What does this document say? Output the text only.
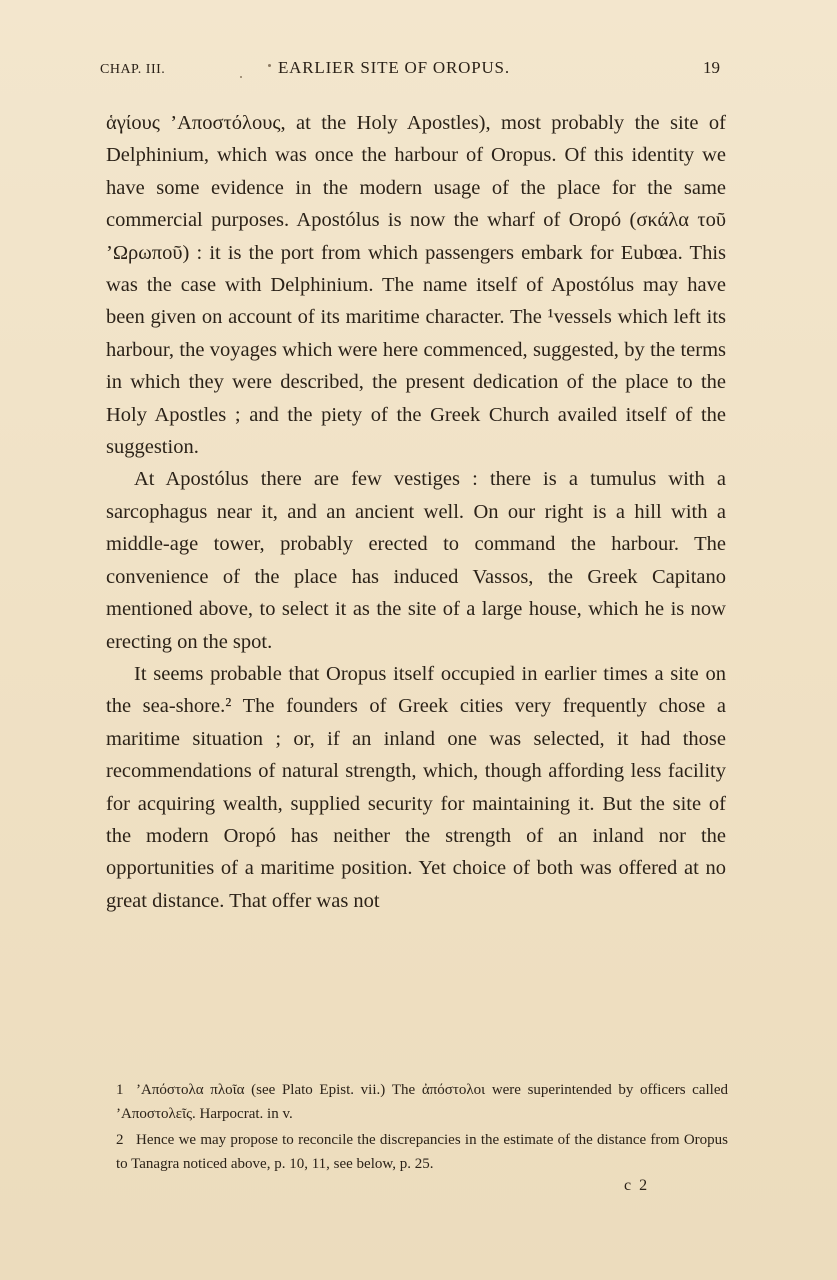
CHAP. III.	EARLIER SITE OF OROPUS.	19

ἁγίους ’Αποστόλους, at the Holy Apostles), most probably the site of Delphinium, which was once the harbour of Oropus. Of this identity we have some evidence in the modern usage of the place for the same commercial purposes. Apostólus is now the wharf of Oropó (σκάλα τοῦ ’Ωρωποῦ) : it is the port from which passengers embark for Eubœa. This was the case with Delphinium. The name itself of Apostólus may have been given on account of its maritime character. The ¹vessels which left its harbour, the voyages which were here commenced, suggested, by the terms in which they were described, the present dedication of the place to the Holy Apostles ; and the piety of the Greek Church availed itself of the suggestion.

At Apostólus there are few vestiges : there is a tumulus with a sarcophagus near it, and an ancient well. On our right is a hill with a middle-age tower, probably erected to command the harbour. The convenience of the place has induced Vassos, the Greek Capitano mentioned above, to select it as the site of a large house, which he is now erecting on the spot.

It seems probable that Oropus itself occupied in earlier times a site on the sea-shore.² The founders of Greek cities very frequently chose a maritime situation ; or, if an inland one was selected, it had those recommendations of natural strength, which, though affording less facility for acquiring wealth, supplied security for maintaining it. But the site of the modern Oropó has neither the strength of an inland nor the opportunities of a maritime position. Yet choice of both was offered at no great distance. That offer was not

1 ’Απόστολα πλοῖα (see Plato Epist. vii.) The ἀπόστολοι were superintended by officers called ’Αποστολεῖς. Harpocrat. in v.

2 Hence we may propose to reconcile the discrepancies in the estimate of the distance from Oropus to Tanagra noticed above, p. 10, 11, see below, p. 25.

c 2
